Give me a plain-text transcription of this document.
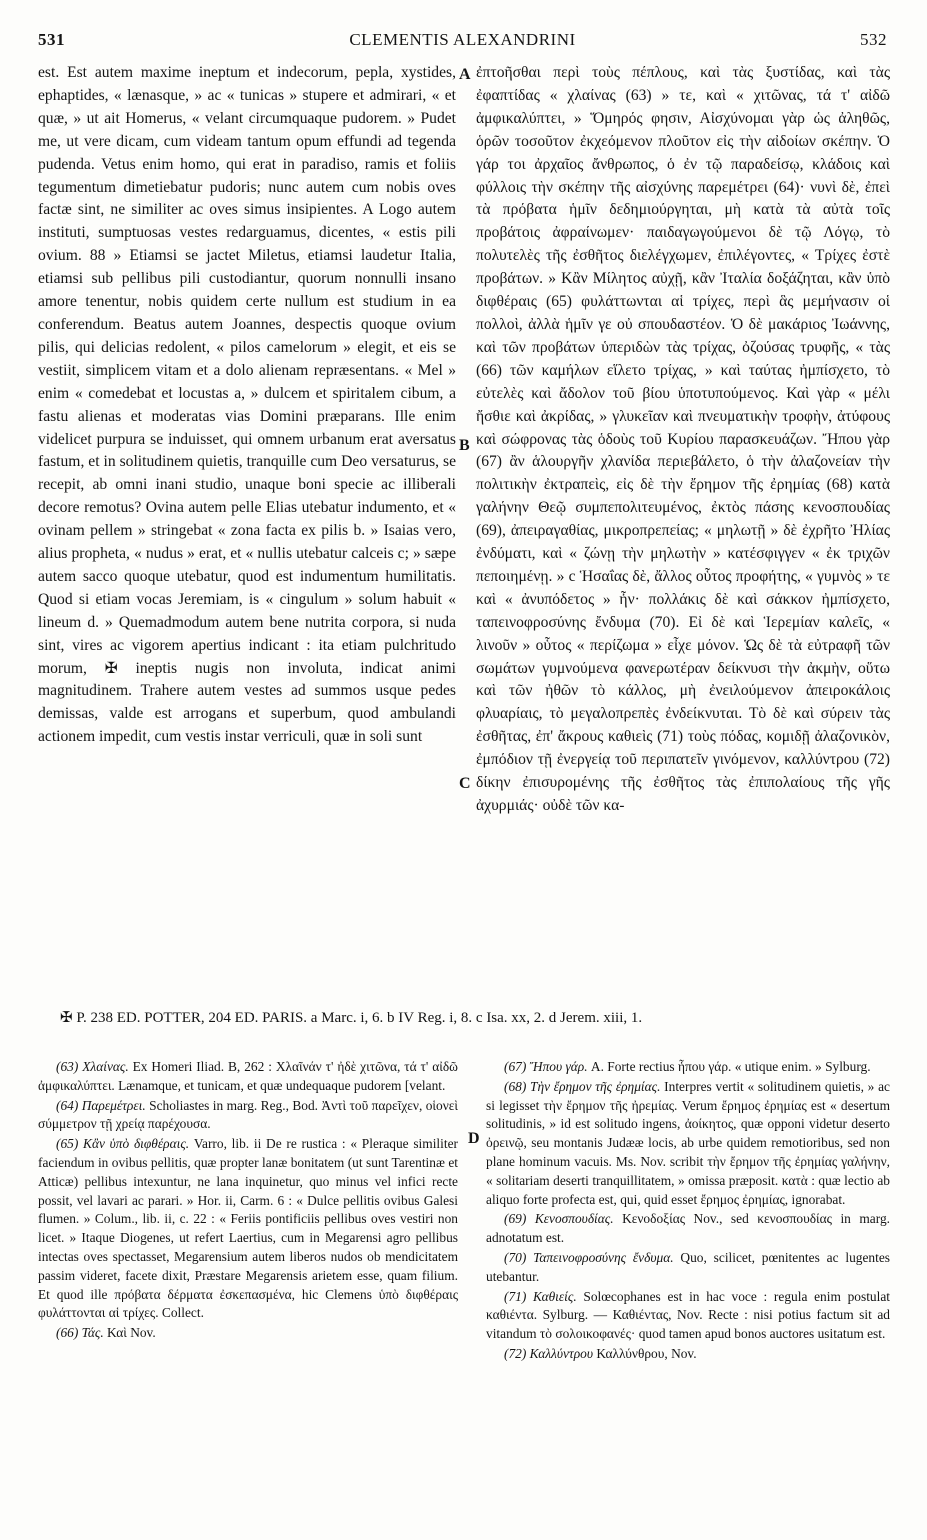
531	CLEMENTIS ALEXANDRINI	532
est. Est autem maxime ineptum et indecorum, pepla, xystides, ephaptides, « lænasque, » ac « tunicas » stupere et admirari, « et quæ, » ut ait Homerus, « velant circumquaque pudorem. » Pudet me, ut vere dicam, cum videam tantum opum effundi ad tegenda pudenda. Vetus enim homo, qui erat in paradiso, ramis et foliis tegumentum dimetiebatur pudoris; nunc autem cum nobis oves factæ sint, ne similiter ac oves simus insipientes. A Logo autem instituti, sumptuosas vestes redarguamus, dicentes, « estis pili ovium. 88 » Etiamsi se jactet Miletus, etiamsi laudetur Italia, etiamsi sub pellibus pili custodiantur, quorum nonnulli insano amore tenentur, nobis quidem certe nullum est studium in ea conferendum. Beatus autem Joannes, despectis quoque ovium pilis, qui delicias redolent, « pilos camelorum » elegit, et eis se vestiit, simplicem vitam et a dolo alienam repræsentans. « Mel » enim « comedebat et locustas a, » dulcem et spiritalem cibum, a fastu alienas et moderatas vias Domini præparans. Ille enim videlicet purpura se induisset, qui omnem urbanum erat aversatus fastum, et in solitudinem quietis, tranquille cum Deo versaturus, se recepit, ab omni inani studio, unaque boni specie ac illiberali decore remotus? Ovina autem pelle Elias utebatur indumento, et « ovinam pellem » stringebat « zona facta ex pilis b. » Isaias vero, alius propheta, « nudus » erat, et « nullis utebatur calceis c; » sæpe autem sacco quoque utebatur, quod est indumentum humilitatis. Quod si etiam vocas Jeremiam, is « cingulum » solum habuit « lineum d. » Quemadmodum autem bene nutrita corpora, si nuda sint, vires ac vigorem apertius indicant : ita etiam pulchritudo morum, ✠ ineptis nugis non involuta, indicat animi magnitudinem. Trahere autem vestes ad summos usque pedes demissas, valde est arrogans et superbum, quod ambulandi actionem impedit, cum vestis instar verriculi, quæ in soli sunt
ἐπτοῆσθαι περὶ τοὺς πέπλους, καὶ τὰς ξυστίδας, καὶ τὰς ἐφαπτίδας « χλαίνας (63) » τε, καὶ « χιτῶνας, τά τ' αἰδῶ ἀμφικαλύπτει, » Ὅμηρός φησιν, Αἰσχύνομαι γὰρ ὡς ἀληθῶς, ὁρῶν τοσοῦτον ἐκχεόμενον πλοῦτον εἰς τὴν αἰδοίων σκέπην. Ὁ γάρ τοι ἀρχαῖος ἄνθρωπος, ὁ ἐν τῷ παραδείσῳ, κλάδοις καὶ φύλλοις τὴν σκέπην τῆς αἰσχύνης παρεμέτρει (64)· νυνὶ δὲ, ἐπεὶ τὰ πρόβατα ἡμῖν δεδημιούργηται, μὴ κατὰ τὰ αὐτὰ τοῖς προβάτοις ἀφραίνωμεν· παιδαγωγούμενοι δὲ τῷ Λόγῳ, τὸ πολυτελὲς τῆς ἐσθῆτος διελέγχωμεν, ἐπιλέγοντες, « Τρίχες ἐστὲ προβάτων. » Κἂν Μίλητος αὐχῇ, κἂν Ἰταλία δοξάζηται, κἂν ὑπὸ διφθέραις (65) φυλάττωνται αἱ τρίχες, περὶ ἃς μεμήνασιν οἱ πολλοὶ, ἀλλὰ ἡμῖν γε οὐ σπουδαστέον. Ὁ δὲ μακάριος Ἰωάννης, καὶ τῶν προβάτων ὑπεριδὼν τὰς τρίχας, ὀζούσας τρυφῆς, « τὰς (66) τῶν καμήλων εἵλετο τρίχας, » καὶ ταύτας ἠμπίσχετο, τὸ εὐτελὲς καὶ ἄδολον τοῦ βίου ὑποτυπούμενος. Καὶ γὰρ « μέλι ἤσθιε καὶ ἀκρίδας, » γλυκεῖαν καὶ πνευματικὴν τροφὴν, ἀτύφους καὶ σώφρονας τὰς ὁδοὺς τοῦ Κυρίου παρασκευάζων. Ἤπου γὰρ (67) ἂν ἁλουργῆν χλανίδα περιεβάλετο, ὁ τὴν ἀλαζονείαν τὴν πολιτικὴν ἐκτραπεὶς, εἰς δὲ τὴν ἔρημον τῆς ἐρημίας (68) κατὰ γαλήνην Θεῷ συμπεπολιτευμένος, ἐκτὸς πάσης κενοσπουδίας (69), ἀπειραγαθίας, μικροπρεπείας; « μηλωτῇ » δὲ ἐχρῆτο Ἠλίας ἐνδύματι, καὶ « ζώνῃ τὴν μηλωτὴν » κατέσφιγγεν « ἐκ τριχῶν πεποιημένῃ. » c Ἡσαΐας δὲ, ἄλλος οὗτος προφήτης, « γυμνὸς » τε καὶ « ἀνυπόδετος » ἦν· πολλάκις δὲ καὶ σάκκον ἠμπίσχετο, ταπεινοφροσύνης ἔνδυμα (70). Εἰ δὲ καὶ Ἱερεμίαν καλεῖς, « λινοῦν » οὗτος « περίζωμα » εἶχε μόνον. Ὡς δὲ τὰ εὐτραφῆ τῶν σωμάτων γυμνούμενα φανερωτέραν δείκνυσι τὴν ἀκμὴν, οὕτω καὶ τῶν ἠθῶν τὸ κάλλος, μὴ ἐνειλούμενον ἀπειροκάλοις φλυαρίαις, τὸ μεγαλοπρεπὲς ἐνδείκνυται. Τὸ δὲ καὶ σύρειν τὰς ἐσθῆτας, ἐπ' ἄκρους καθιεὶς (71) τοὺς πόδας, κομιδῇ ἀλαζονικὸν, ἐμπόδιον τῇ ἐνεργείᾳ τοῦ περιπατεῖν γινόμενον, καλλύντρου (72) δίκην ἐπισυρομένης τῆς ἐσθῆτος τὰς ἐπιπολαίους τῆς γῆς ἀχυρμιάς· οὐδὲ τῶν κα-
A
B
C
D
✠ P. 238 ED. POTTER, 204 ED. PARIS. a Marc. i, 6. b IV Reg. i, 8. c Isa. xx, 2. d Jerem. xiii, 1.

(63) Χλαίνας. Ex Homeri Iliad. B, 262 : Χλαῖνάν τ' ἠδὲ χιτῶνα, τά τ' αἰδῶ ἀμφικαλύπτει. Lænamque, et tunicam, et quæ undequaque pudorem [velant.

(64) Παρεμέτρει. Scholiastes in marg. Reg., Bod. Ἀντὶ τοῦ παρεῖχεν, οἱονεὶ σύμμετρον τῇ χρείᾳ παρέχουσα.

(65) Κἂν ὑπὸ διφθέραις. Varro, lib. ii De re rustica : « Pleraque similiter faciendum in ovibus pellitis, quæ propter lanæ bonitatem (ut sunt Tarentinæ et Atticæ) pellibus intexuntur, ne lana inquinetur, quo minus vel infici recte possit, vel lavari ac parari. » Hor. ii, Carm. 6 : « Dulce pellitis ovibus Galesi flumen. » Colum., lib. ii, c. 22 : « Feriis pontificiis pellibus oves vestiri non licet. » Itaque Diogenes, ut refert Laertius, cum in Megarensi agro pellibus intectas oves spectasset, Megarensium autem liberos nudos ob mendicitatem passim videret, facete dixit, Præstare Megarensis arietem esse, quam filium. Et quod ille πρόβατα δέρματα ἐσκεπασμένα, hic Clemens ὑπὸ διφθέραις φυλάττονται αἱ τρίχες. Collect.

(66) Τάς. Καὶ Nov.

(67) Ἤπου γάρ. A. Forte rectius ἦπου γάρ. « utique enim. » Sylburg.

(68) Τὴν ἔρημον τῆς ἐρημίας. Interpres vertit « solitudinem quietis, » ac si legisset τὴν ἔρημον τῆς ἠρεμίας. Verum ἔρημος ἐρημίας est « desertum solitudinis, » id est solitudo ingens, ἀοίκητος, quæ opponi videtur deserto ὀρεινῷ, seu montanis Judææ locis, ab urbe quidem remotioribus, sed non plane hominum vacuis. Ms. Nov. scribit τὴν ἔρημον τῆς ἐρημίας γαλήνην, « solitariam deserti tranquillitatem, » omissa præposit. κατὰ : quæ lectio ab aliquo forte profecta est, qui, quid esset ἔρημος ἐρημίας, ignorabat.

(69) Κενοσπουδίας. Κενοδοξίας Nov., sed κενοσπουδίας in marg. adnotatum est.

(70) Ταπεινοφροσύνης ἔνδυμα. Quo, scilicet, pœnitentes ac lugentes utebantur.

(71) Καθιείς. Solœcophanes est in hac voce : regula enim postulat καθιέντα. Sylburg. — Καθιέντας, Nov. Recte : nisi potius factum sit ad vitandum τὸ σολοικοφανές· quod tamen apud bonos auctores usitatum est.

(72) Καλλύντρου Καλλύνθρου, Nov.
